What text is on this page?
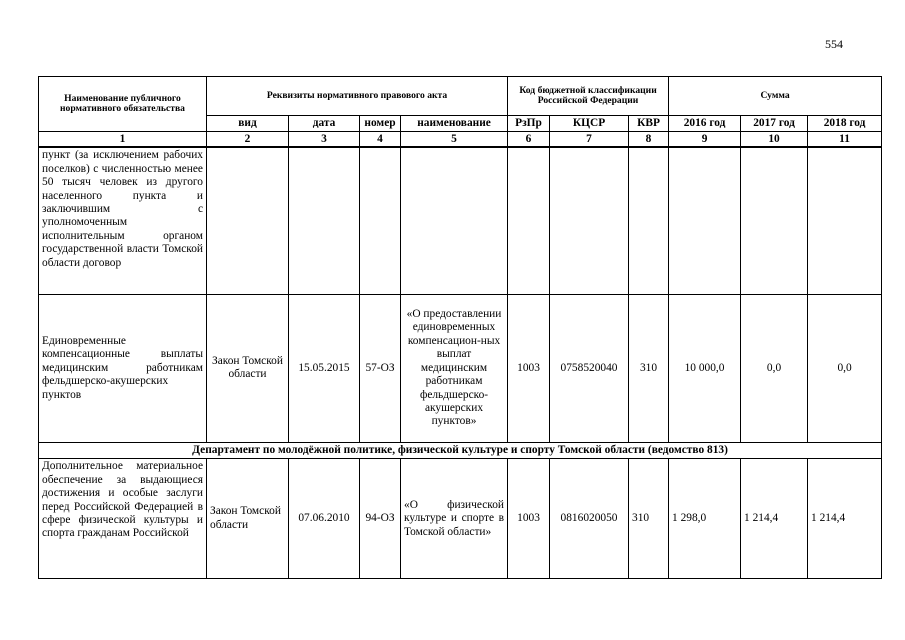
554
Наименование публичного нормативного обязательства	Реквизиты нормативного правового акта				Код бюджетной классификации Российской Федерации			Сумма		
	вид	дата	номер	наименование	РзПр	КЦСР	КВР	2016 год	2017 год	2018 год
1	2	3	4	5	6	7	8	9	10	11
пункт (за исключением рабочих поселков) с численностью менее 50 тысяч человек из другого населенного пункта и заключившим с уполномоченным исполнительным органом государственной власти Томской области договор										
Единовременные компенсационные выплаты медицинским работникам фельдшерско-акушерских пунктов	Закон Томской области	15.05.2015	57-ОЗ	«О предоставлении единовременных компенсацион-ных выплат медицинским работникам фельдшерско-акушерских пунктов»	1003	0758520040	310	10 000,0	0,0	0,0
Департамент по молодёжной политике, физической культуре и спорту Томской области (ведомство 813)										
Дополнительное материальное обеспечение за выдающиеся достижения и особые заслуги перед Российской Федерацией в сфере физической культуры и спорта гражданам Российской	Закон Томской области	07.06.2010	94-ОЗ	«О физической культуре и спорте в Томской области»	1003	0816020050	310	1 298,0	1 214,4	1 214,4
